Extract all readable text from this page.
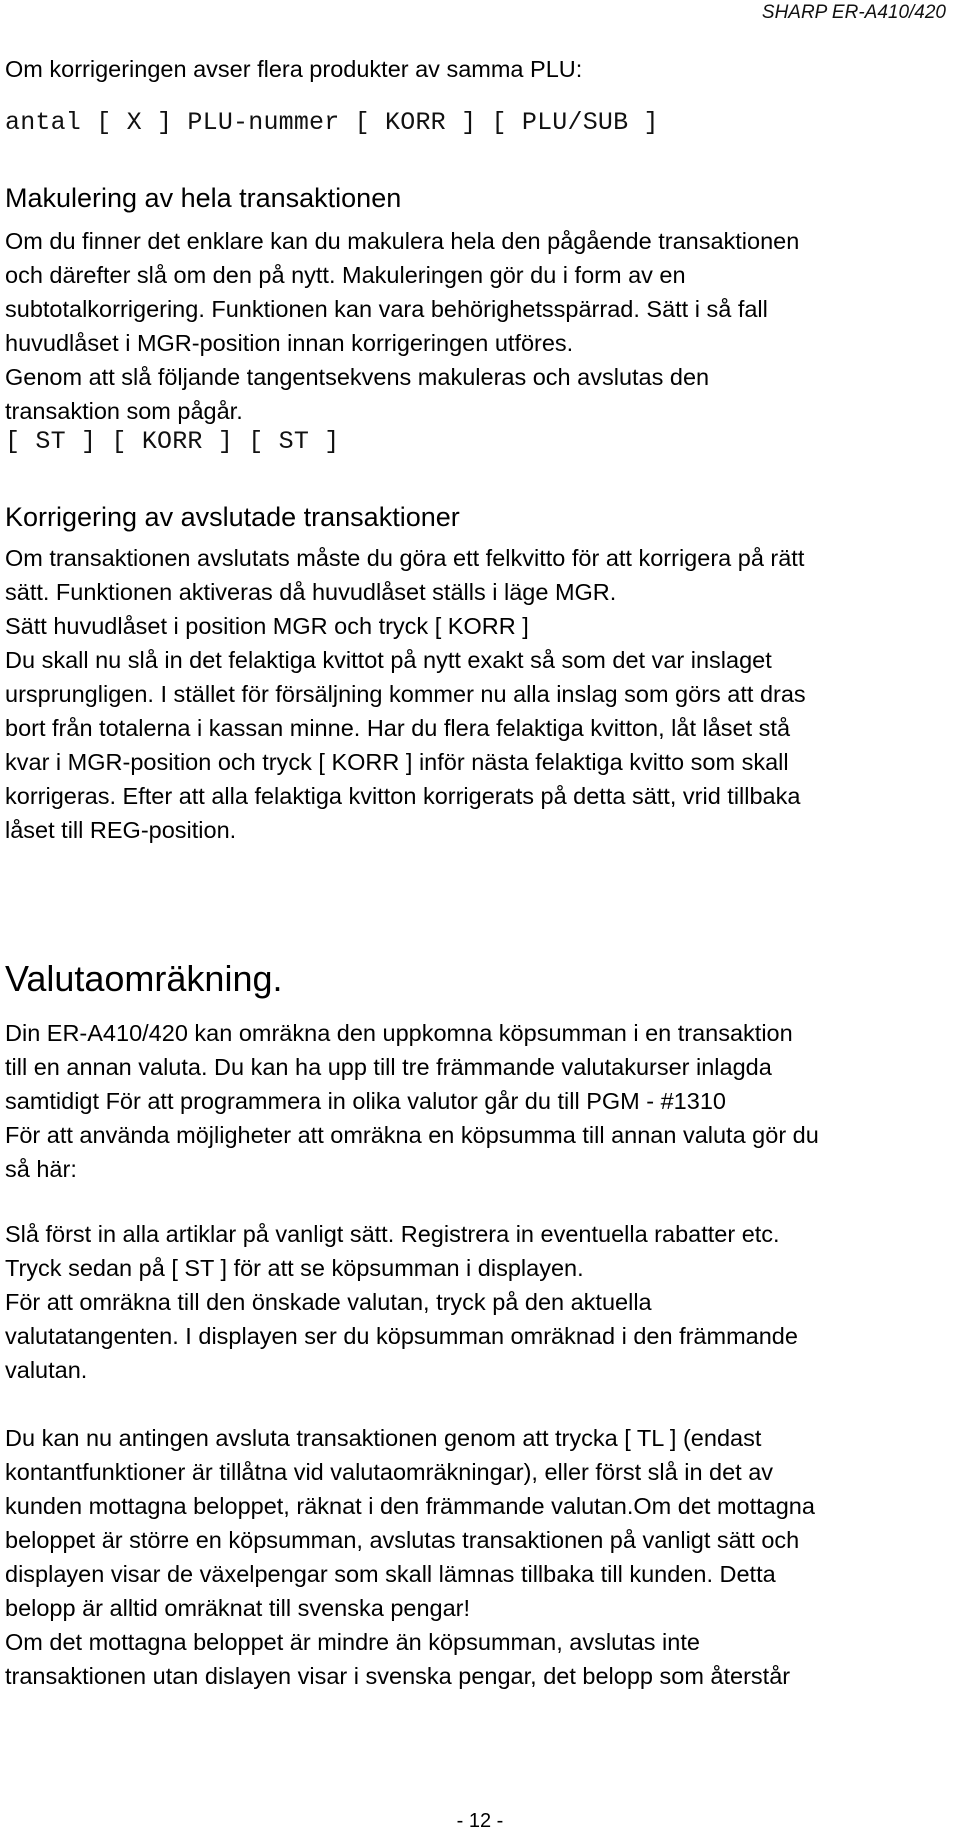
SHARP ER-A410/420
Om korrigeringen avser flera produkter av samma PLU:
antal [ X ] PLU-nummer [ KORR ] [ PLU/SUB ]
Makulering av hela transaktionen
Om du finner det enklare kan du makulera hela den pågående transaktionen
och därefter slå om den på nytt. Makuleringen gör du i form av en
subtotalkorrigering. Funktionen kan vara behörighetsspärrad. Sätt i så fall
huvudlåset i MGR-position innan korrigeringen utföres.
Genom att slå följande tangentsekvens makuleras och avslutas den
transaktion som pågår.
[ ST ] [ KORR ] [ ST ]
Korrigering av avslutade transaktioner
Om transaktionen avslutats måste du göra ett felkvitto för att korrigera på rätt
sätt. Funktionen aktiveras då huvudlåset ställs i läge MGR.
Sätt huvudlåset i position MGR och tryck [ KORR ]
Du skall nu slå in det felaktiga kvittot på nytt exakt så som det var inslaget
ursprungligen. I stället för försäljning kommer nu alla inslag som görs att dras
bort från totalerna i kassan minne. Har du flera felaktiga kvitton, låt låset stå
kvar i MGR-position och tryck [ KORR ] inför nästa felaktiga kvitto som skall
korrigeras. Efter att alla felaktiga kvitton korrigerats på detta sätt, vrid tillbaka
låset till REG-position.
Valutaomräkning.
Din ER-A410/420 kan omräkna den uppkomna köpsumman i en transaktion
till en annan valuta. Du kan ha upp till tre främmande valutakurser inlagda
samtidigt För att programmera in olika valutor går du till PGM - #1310
För att använda möjligheter att omräkna en köpsumma till annan valuta gör du
så här:
Slå först in alla artiklar på vanligt sätt. Registrera in eventuella rabatter etc.
Tryck sedan på [ ST ] för att se köpsumman i displayen.
För att omräkna till den önskade valutan, tryck på den aktuella
valutatangenten. I displayen ser du köpsumman omräknad i den främmande
valutan.
Du kan nu antingen avsluta transaktionen genom att trycka [ TL ] (endast
kontantfunktioner är tillåtna vid valutaomräkningar), eller först slå in det av
kunden mottagna beloppet, räknat i den främmande valutan.Om det mottagna
beloppet är större en köpsumman, avslutas transaktionen på vanligt sätt och
displayen visar de växelpengar som skall lämnas tillbaka till kunden. Detta
belopp är alltid omräknat till svenska pengar!
Om det mottagna beloppet är mindre än köpsumman, avslutas inte
transaktionen utan dislayen visar i svenska pengar, det belopp som återstår
- 12 -
